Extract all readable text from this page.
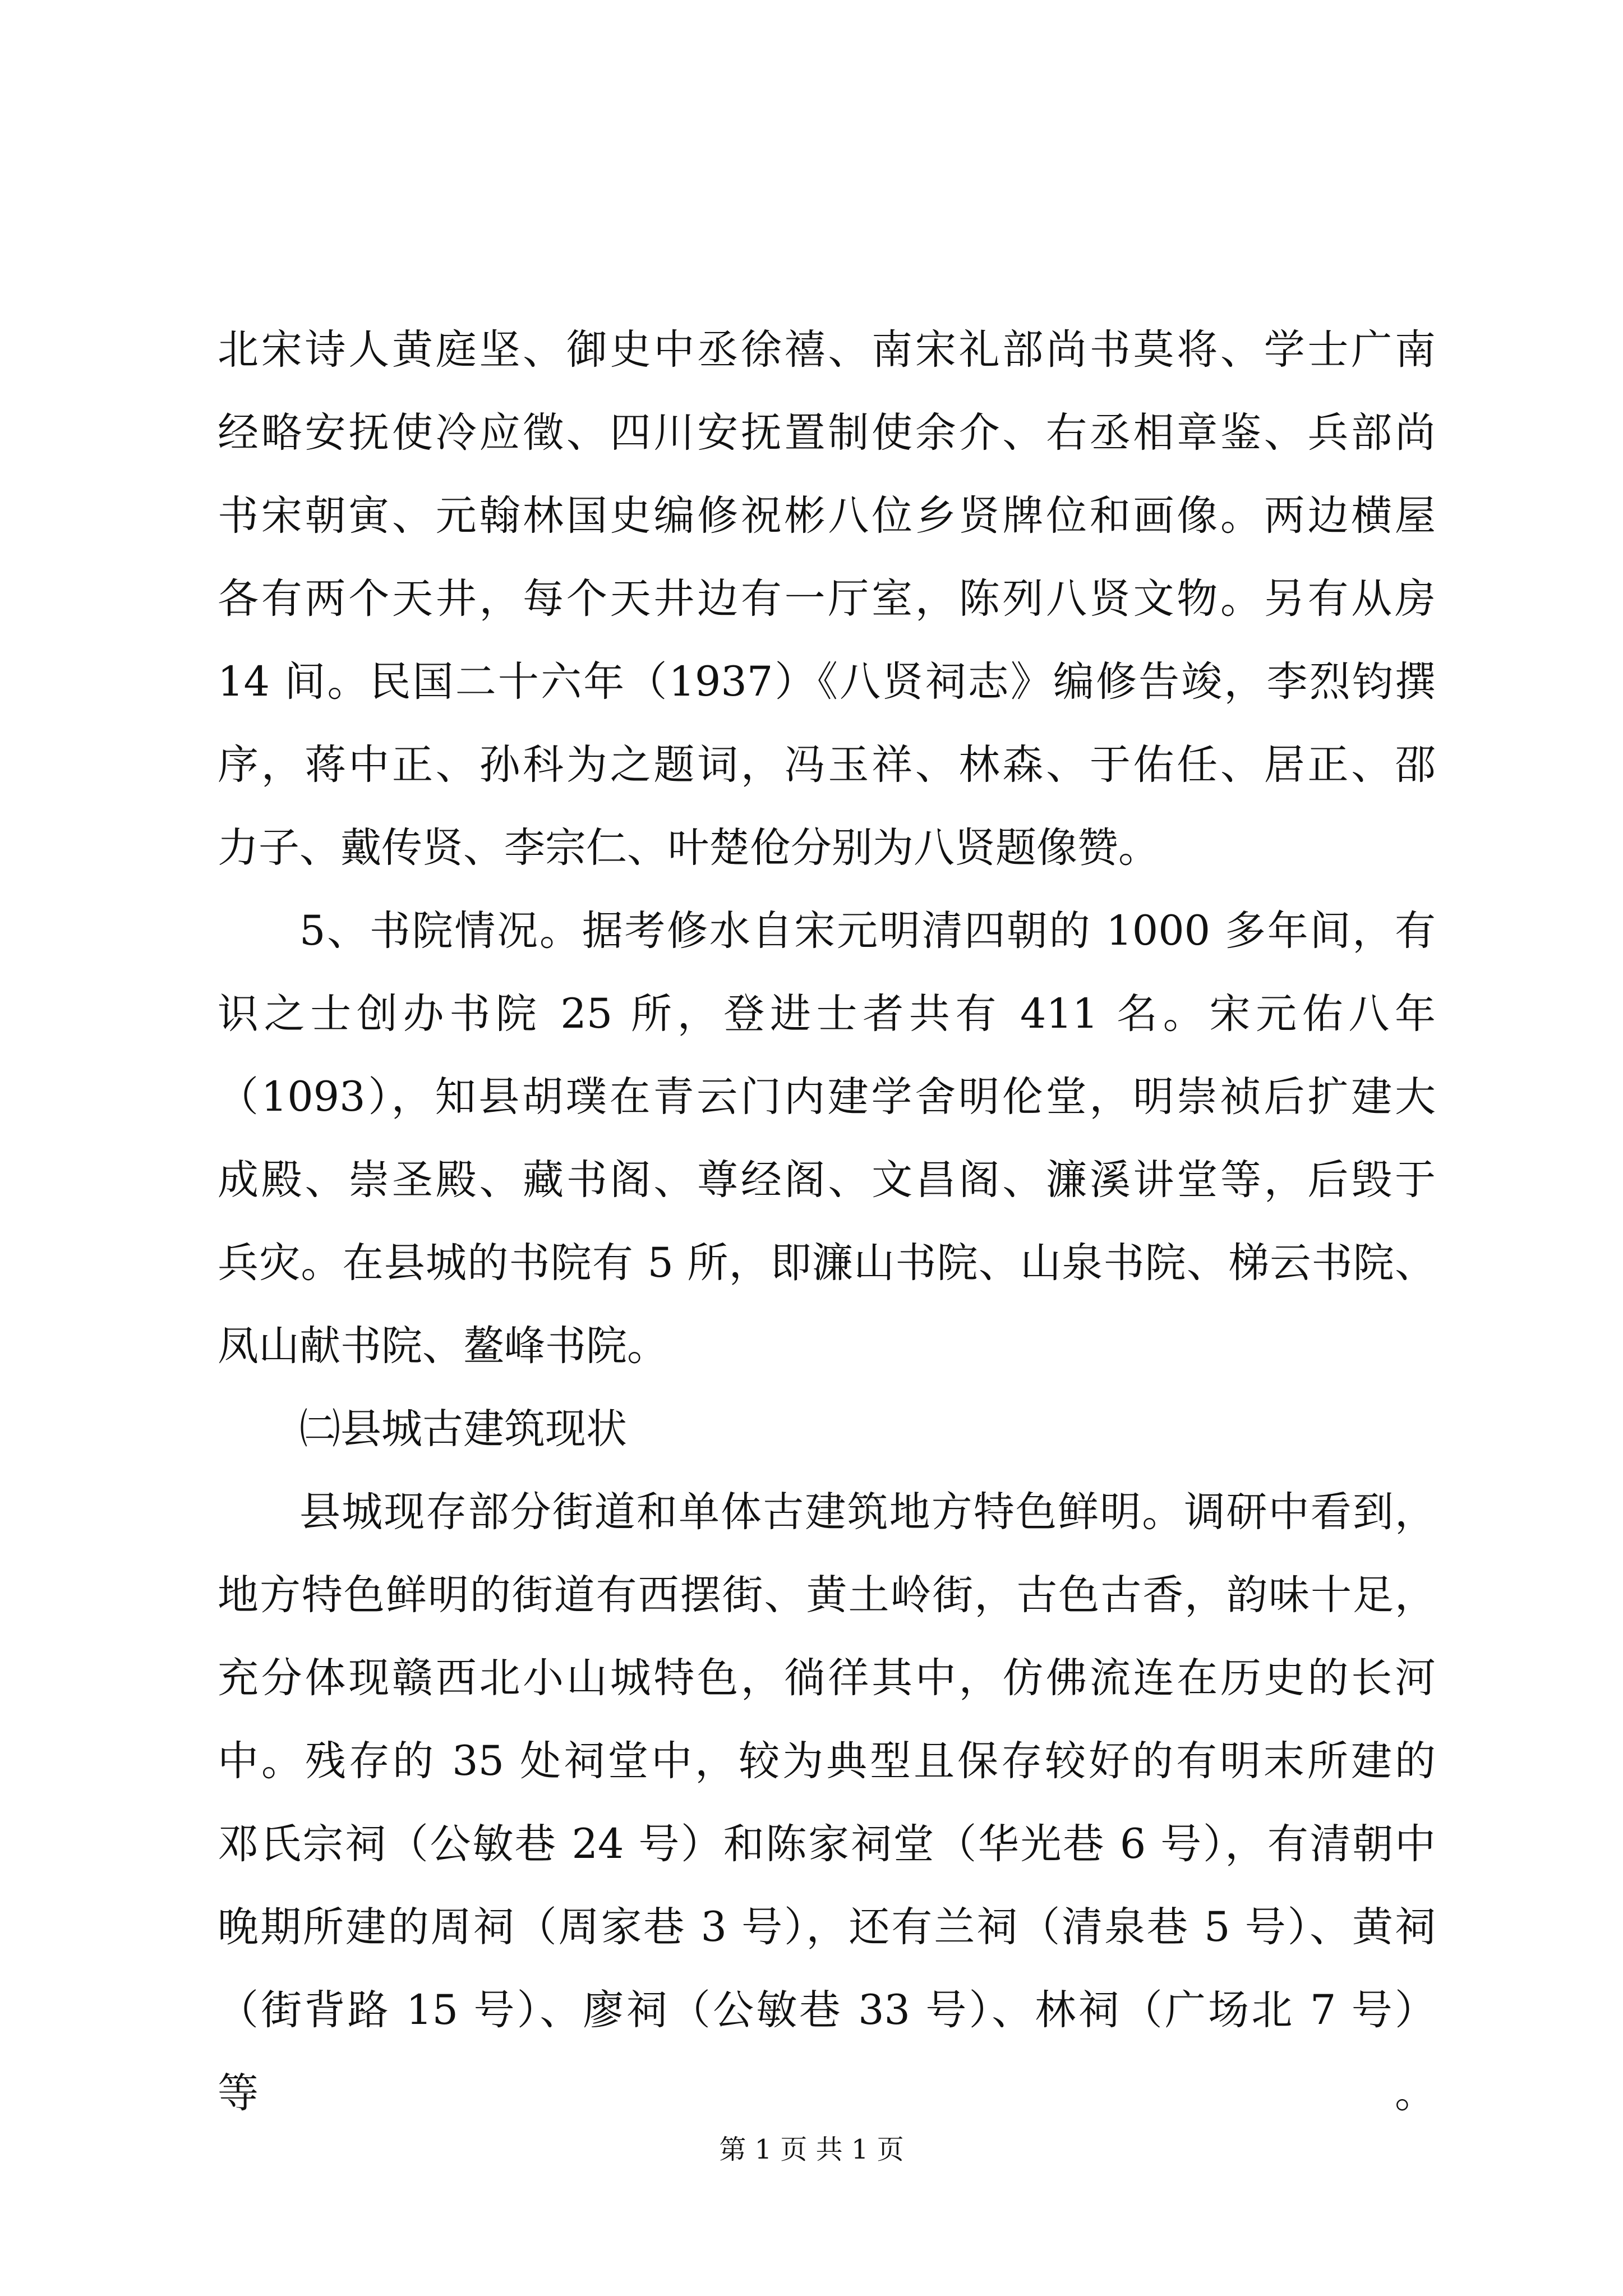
北宋诗人黄庭坚、御史中丞徐禧、南宋礼部尚书莫将、学士广南
经略安抚使冷应徵、四川安抚置制使余介、右丞相章鉴、兵部尚
书宋朝寅、元翰林国史编修祝彬八位乡贤牌位和画像。两边横屋
各有两个天井，每个天井边有一厅室，陈列八贤文物。另有从房
14 间。民国二十六年（1937）《八贤祠志》编修告竣，李烈钧撰
序，蒋中正、孙科为之题词，冯玉祥、林森、于佑任、居正、邵
力子、戴传贤、李宗仁、叶楚伧分别为八贤题像赞。
5、书院情况。据考修水自宋元明清四朝的 1000 多年间，有
识之士创办书院 25 所，登进士者共有 411 名。宋元佑八年
（1093），知县胡璞在青云门内建学舍明伦堂，明崇祯后扩建大
成殿、崇圣殿、藏书阁、尊经阁、文昌阁、濂溪讲堂等，后毁于
兵灾。在县城的书院有 5 所，即濂山书院、山泉书院、梯云书院、
凤山献书院、鳌峰书院。
㈡县城古建筑现状
县城现存部分街道和单体古建筑地方特色鲜明。调研中看到，
地方特色鲜明的街道有西摆街、黄土岭街，古色古香，韵味十足，
充分体现赣西北小山城特色，徜徉其中，仿佛流连在历史的长河
中。残存的 35 处祠堂中，较为典型且保存较好的有明末所建的
邓氏宗祠（公敏巷 24 号）和陈家祠堂（华光巷 6 号），有清朝中
晚期所建的周祠（周家巷 3 号），还有兰祠（清泉巷 5 号）、黄祠
（街背路 15 号）、廖祠（公敏巷 33 号）、林祠（广场北 7 号）等。
第 1 页 共 1 页
